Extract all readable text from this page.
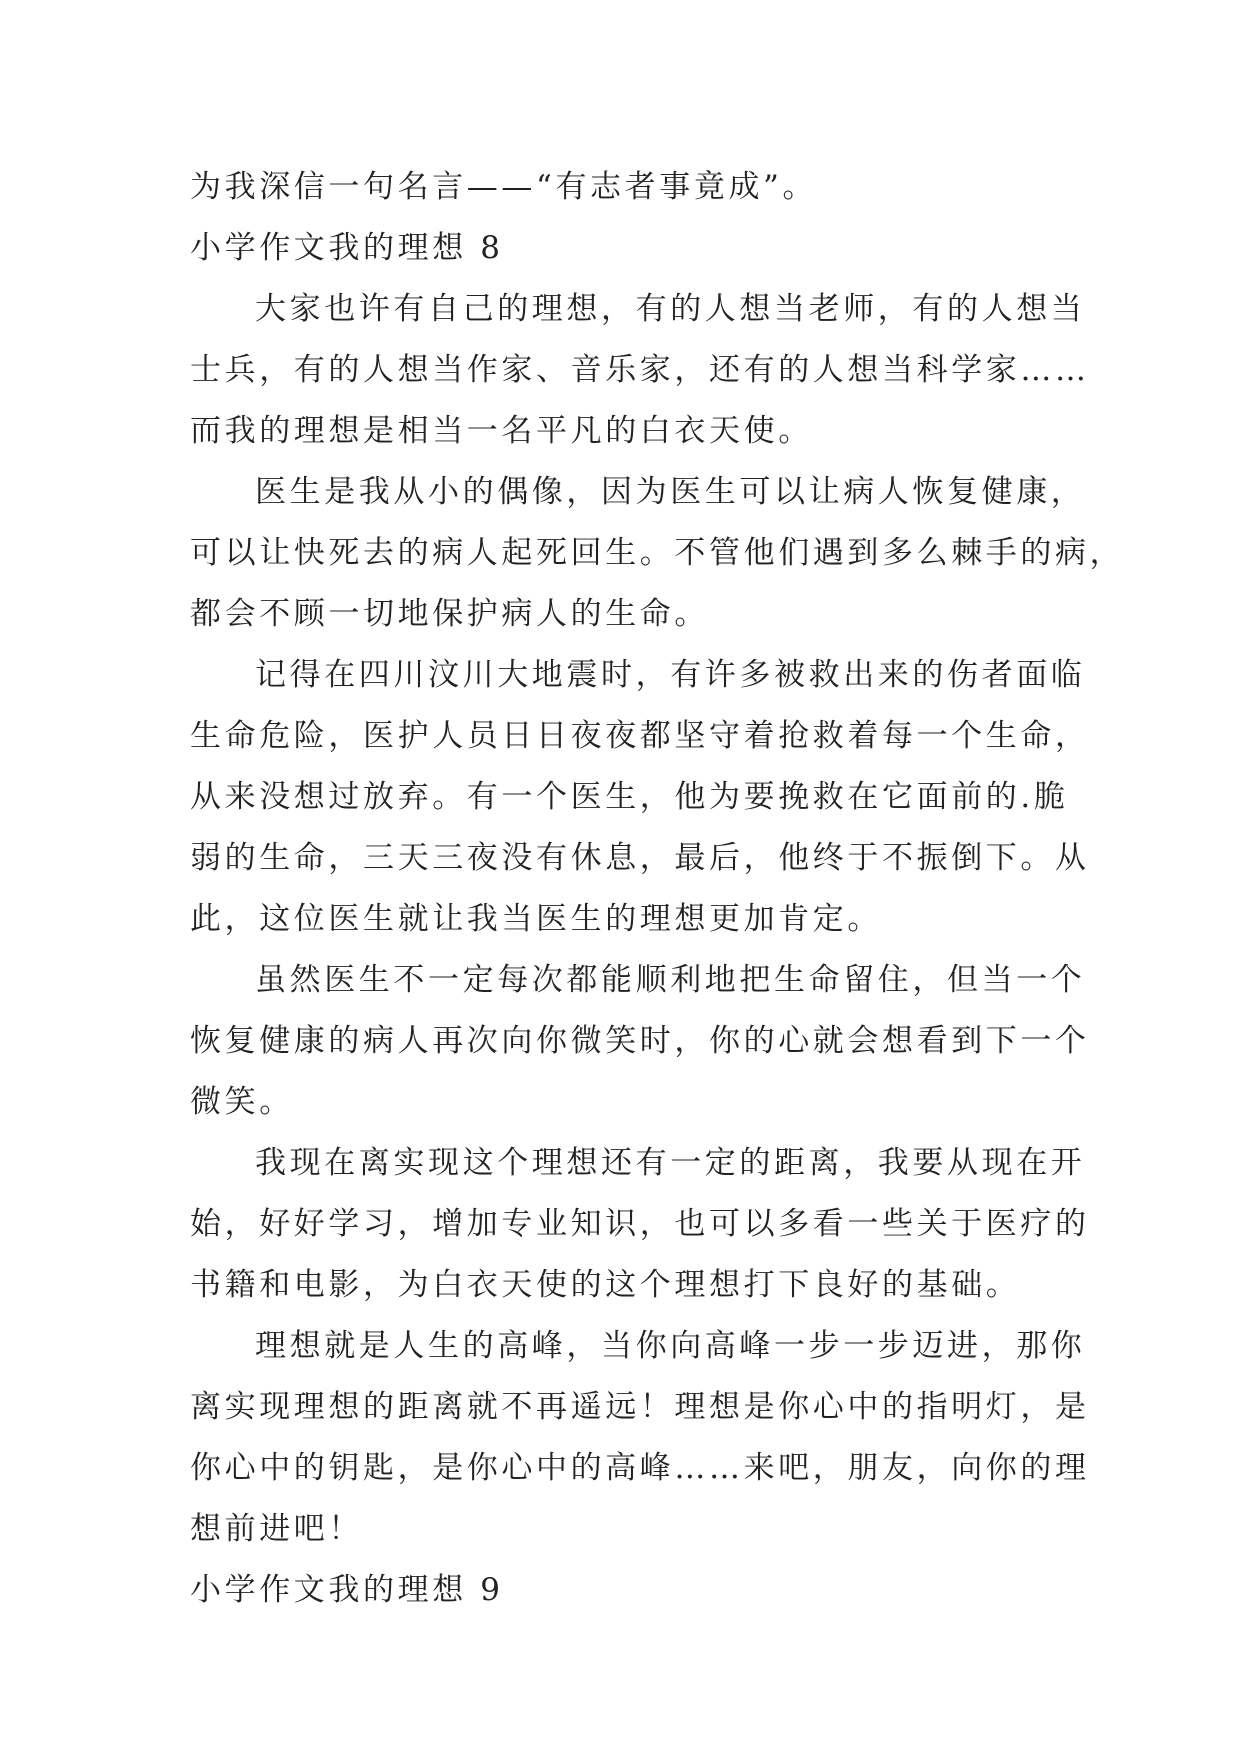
为我深信一句名言——“有志者事竟成”。
小学作文我的理想 8
大家也许有自己的理想，有的人想当老师，有的人想当
士兵，有的人想当作家、音乐家，还有的人想当科学家……
而我的理想是相当一名平凡的白衣天使。
医生是我从小的偶像，因为医生可以让病人恢复健康，
可以让快死去的病人起死回生。不管他们遇到多么棘手的病，
都会不顾一切地保护病人的生命。
记得在四川汶川大地震时，有许多被救出来的伤者面临
生命危险，医护人员日日夜夜都坚守着抢救着每一个生命，
从来没想过放弃。有一个医生，他为要挽救在它面前的.脆
弱的生命，三天三夜没有休息，最后，他终于不振倒下。从
此，这位医生就让我当医生的理想更加肯定。
虽然医生不一定每次都能顺利地把生命留住，但当一个
恢复健康的病人再次向你微笑时，你的心就会想看到下一个
微笑。
我现在离实现这个理想还有一定的距离，我要从现在开
始，好好学习，增加专业知识，也可以多看一些关于医疗的
书籍和电影，为白衣天使的这个理想打下良好的基础。
理想就是人生的高峰，当你向高峰一步一步迈进，那你
离实现理想的距离就不再遥远！理想是你心中的指明灯，是
你心中的钥匙，是你心中的高峰……来吧，朋友，向你的理
想前进吧！
小学作文我的理想 9
